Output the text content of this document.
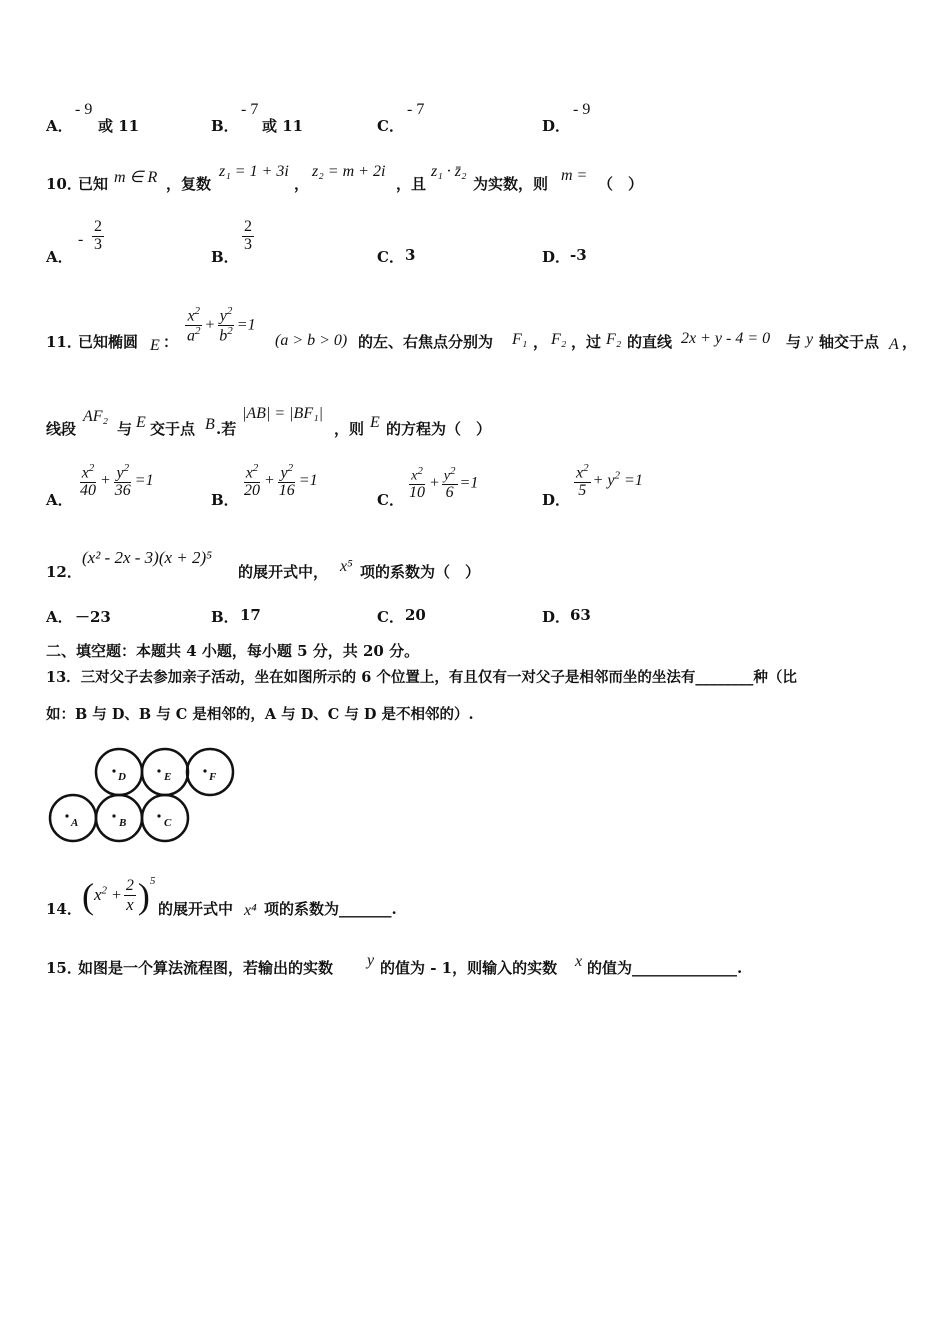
A．
- 9
或 11	B．
- 7
或 11	C．
- 7
D．
- 9
10．
已知 m ∈ R ，复数
z₁ = 1 + 3i
，
z₂ = m + 2i
，且
z₁ · z̄₂
为实数，则 m = （　）
A．
- $\frac{2}{3}$
B．
$\frac{2}{3}$
C． 3	D． -3
11．
已知椭圆 E ： $\frac{x^2}{a^2} + \frac{y^2}{b^2} =1$
(a > b > 0) 的左、右焦点分别为 F₁ ， F₂ ，过 F₂ 的直线 2x + y - 4 = 0 与 y 轴交于点 A ，
线段
AF₂
与 E 交于点 B .若
|AB| = |BF₁|
，则 E 的方程为（　）
A．
$\frac{x^2}{40} + \frac{y^2}{36} =1$
B．
$\frac{x^2}{20} + \frac{y^2}{16} =1$
C． $\frac{x^2}{10} + \frac{y^2}{6} =1$
D．
$\frac{x^2}{5} + y^2 =1$
12．
(x² - 2x - 3)(x + 2)⁵
的展开式中， x⁵ 项的系数为（　）
A． －23	B． 17	C． 20	D． 63
二、填空题：本题共 4 小题，每小题 5 分，共 20 分。
13．三对父子去参加亲子活动，坐在如图所示的 6 个位置上，有且仅有一对父子是相邻而坐的坐法有________种（比
如：B 与 D、B 与 C 是相邻的，A 与 D、C 与 D 是不相邻的）.
D	E	F
A	B	C
14． $(x^2 + \frac{2}{x} )^5$
的展开式中 x⁴ 项的系数为_______.
15．
如图是一个算法流程图，若输出的实数 y 的值为 - 1，则输入的实数 x 的值为______________.
